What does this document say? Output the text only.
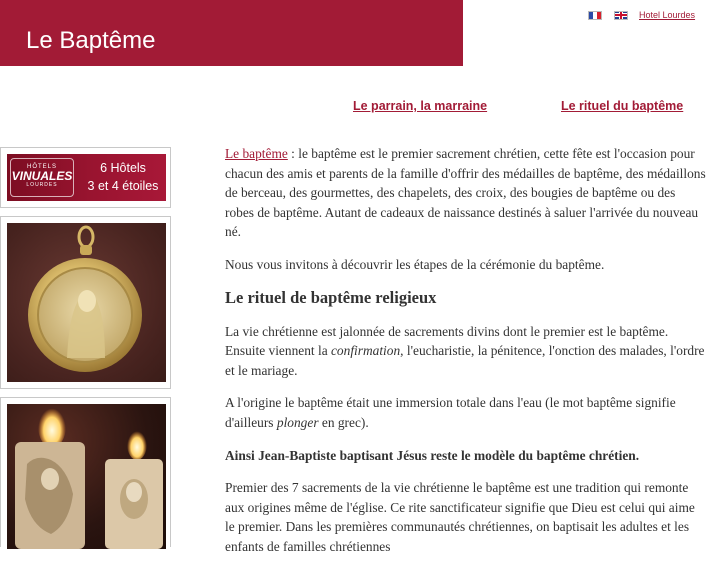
Le Baptême
Hotel Lourdes
Le parrain, la marraine	Le rituel du baptême
HÔTELS
VINUALES
LOURDES
6 Hôtels
3 et 4 étoiles

Le baptême : le baptême est le premier sacrement chrétien, cette fête est l'occasion pour chacun des amis et parents de la famille d'offrir des médailles de baptême, des médaillons de berceau, des gourmettes, des chapelets, des croix, des bougies de baptême ou des robes de baptême. Autant de cadeaux de naissance destinés à saluer l'arrivée du nouveau né.

Nous vous invitons à découvrir les étapes de la cérémonie du baptême.

Le rituel de baptême religieux

La vie chrétienne est jalonnée de sacrements divins dont le premier est le baptême. Ensuite viennent la confirmation, l'eucharistie, la pénitence, l'onction des malades, l'ordre et le mariage.

A l'origine le baptême était une immersion totale dans l'eau (le mot baptême signifie d'ailleurs plonger en grec).

Ainsi Jean-Baptiste baptisant Jésus reste le modèle du baptême chrétien.

Premier des 7 sacrements de la vie chrétienne le baptême est une tradition qui remonte aux origines même de l'église. Ce rite sanctificateur signifie que Dieu est celui qui aime le premier. Dans les premières communautés chrétiennes, on baptisait les adultes et les enfants de familles chrétiennes
